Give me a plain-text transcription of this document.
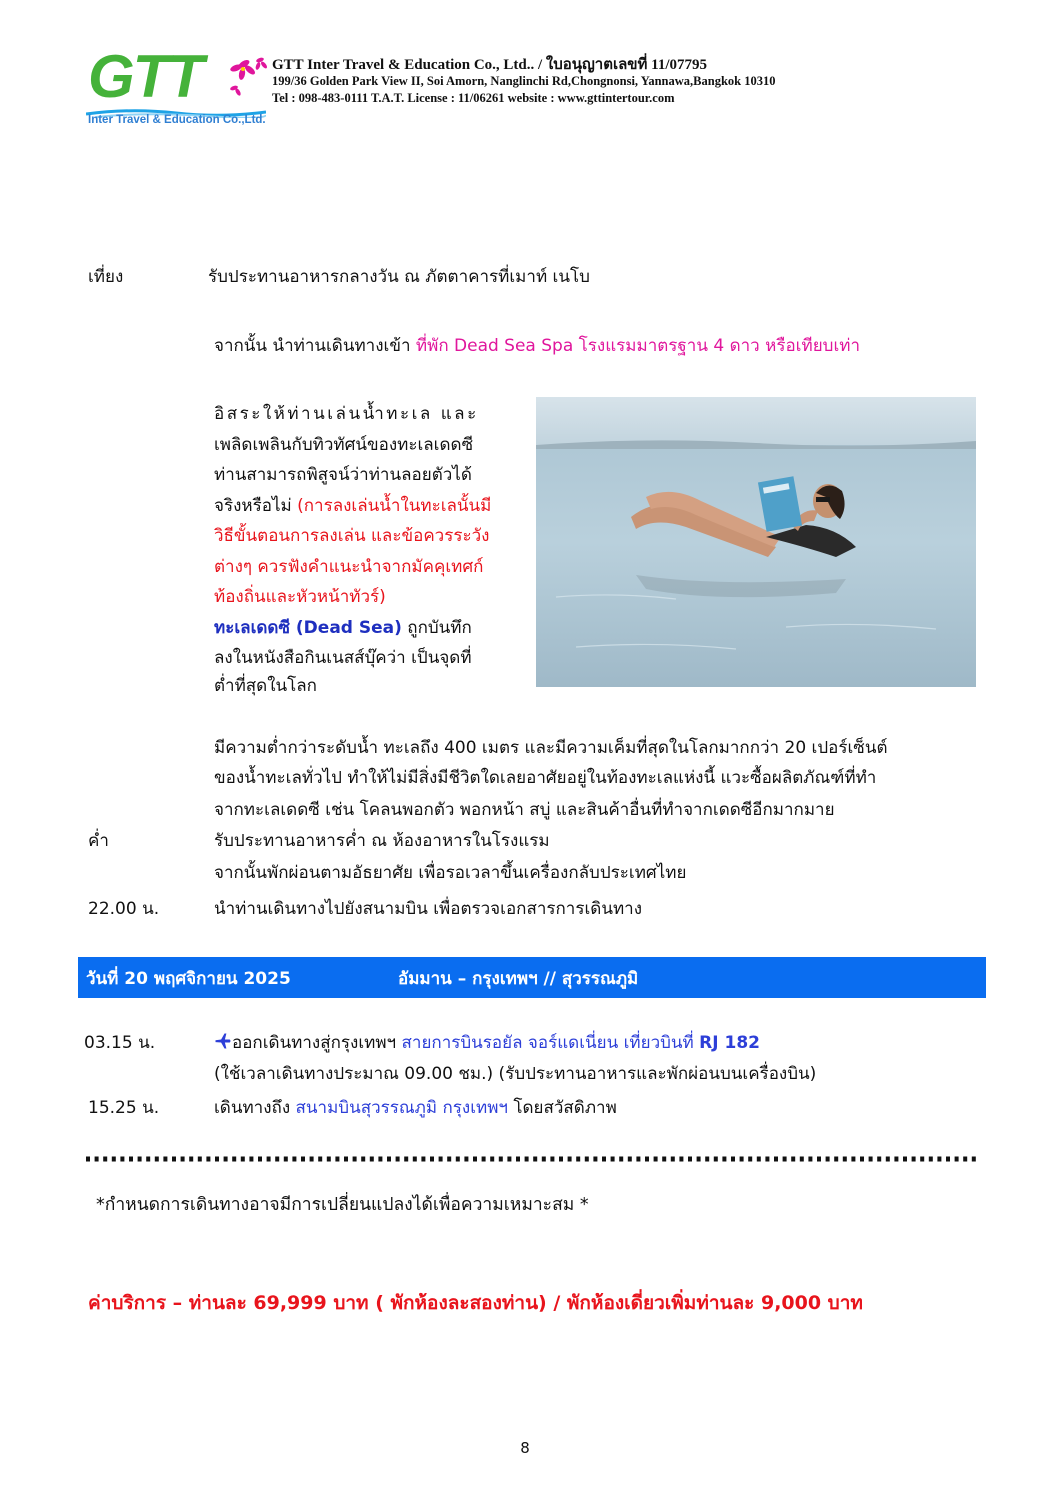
GTT
Inter Travel & Education Co.,Ltd.
GTT Inter Travel & Education Co., Ltd.. / ใบอนุญาตเลขที่ 11/07795
199/36 Golden Park View II, Soi Amorn, Nanglinchi Rd,Chongnonsi, Yannawa,Bangkok 10310
Tel : 098-483-0111 T.A.T. License : 11/06261 website : www.gttintertour.com
เที่ยง	รับประทานอาหารกลางวัน ณ ภัตตาคารที่เมาท์ เนโบ
จากนั้น นำท่านเดินทางเข้า ที่พัก Dead Sea Spa โรงแรมมาตรฐาน 4 ดาว หรือเทียบเท่า
อิสระให้ท่านเล่นน้ำทะเล และ
เพลิดเพลินกับทิวทัศน์ของทะเลเดดซี
ท่านสามารถพิสูจน์ว่าท่านลอยตัวได้
จริงหรือไม่ (การลงเล่นน้ำในทะเลนั้นมี
วิธีขั้นตอนการลงเล่น และข้อควรระวัง
ต่างๆ ควรฟังคำแนะนำจากมัคคุเทศก์
ท้องถิ่นและหัวหน้าทัวร์)
ทะเลเดดซี (Dead Sea) ถูกบันทึก
ลงในหนังสือกินเนสส์บุ๊คว่า เป็นจุดที่
ต่ำที่สุดในโลก
มีความต่ำกว่าระดับน้ำ ทะเลถึง 400 เมตร และมีความเค็มที่สุดในโลกมากกว่า 20 เปอร์เซ็นต์
ของน้ำทะเลทั่วไป ทำให้ไม่มีสิ่งมีชีวิตใดเลยอาศัยอยู่ในท้องทะเลแห่งนี้ แวะซื้อผลิตภัณฑ์ที่ทำ
จากทะเลเดดซี เช่น โคลนพอกตัว พอกหน้า สบู่ และสินค้าอื่นที่ทำจากเดดซีอีกมากมาย
ค่ำ	รับประทานอาหารค่ำ ณ ห้องอาหารในโรงแรม
จากนั้นพักผ่อนตามอัธยาศัย เพื่อรอเวลาขึ้นเครื่องกลับประเทศไทย
22.00 น.	นำท่านเดินทางไปยังสนามบิน เพื่อตรวจเอกสารการเดินทาง
วันที่ 20 พฤศจิกายน 2025	อัมมาน – กรุงเทพฯ // สุวรรณภูมิ
03.15 น.	ออกเดินทางสู่กรุงเทพฯ สายการบินรอยัล จอร์แดเนี่ยน เที่ยวบินที่ RJ 182
(ใช้เวลาเดินทางประมาณ 09.00 ชม.) (รับประทานอาหารและพักผ่อนบนเครื่องบิน)
15.25 น.	เดินทางถึง สนามบินสุวรรณภูมิ กรุงเทพฯ โดยสวัสดิภาพ
*กำหนดการเดินทางอาจมีการเปลี่ยนแปลงได้เพื่อความเหมาะสม *
ค่าบริการ – ท่านละ 69,999 บาท ( พักห้องละสองท่าน) / พักห้องเดี่ยวเพิ่มท่านละ 9,000 บาท
8
